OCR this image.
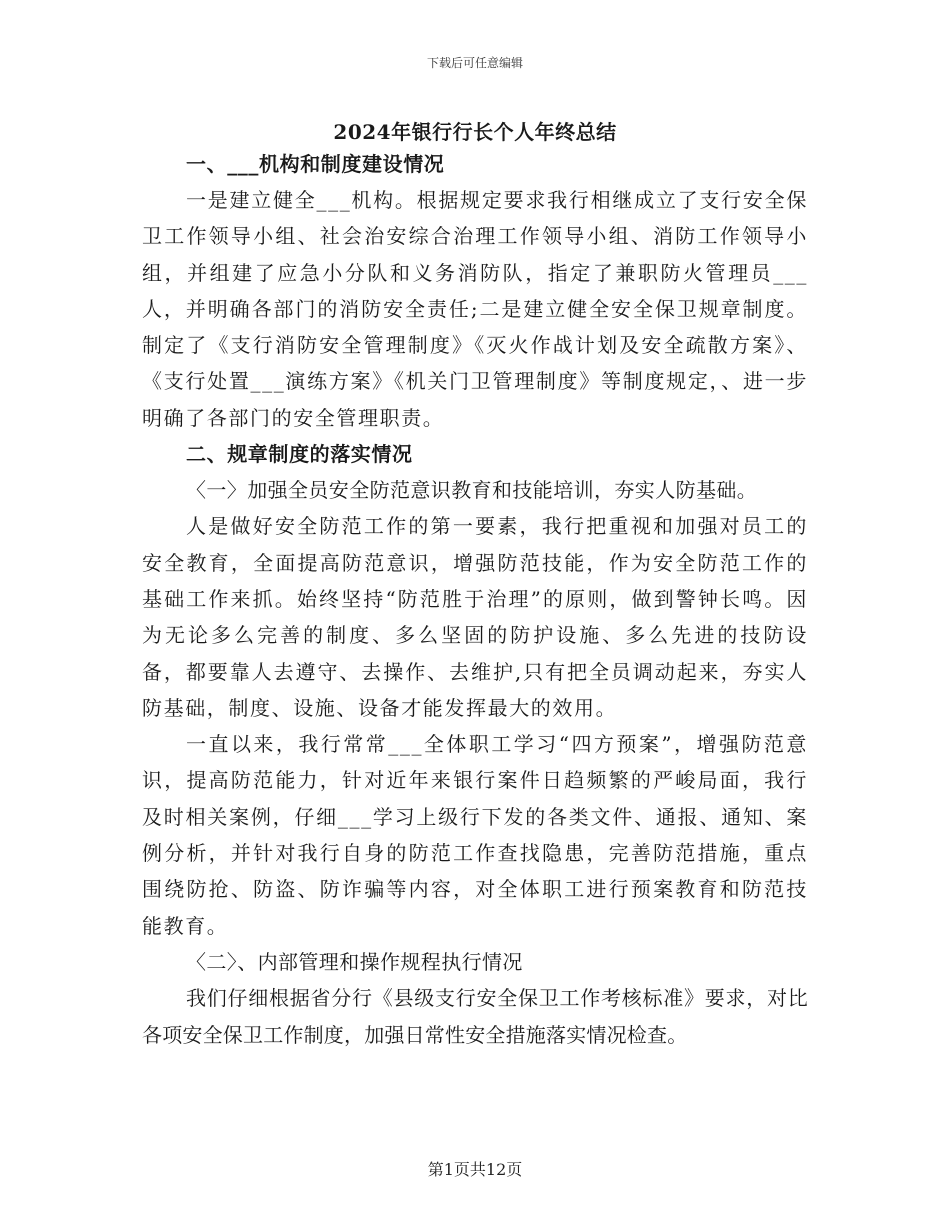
下载后可任意编辑
2024年银行行长个人年终总结
一、___机构和制度建设情况

一是建立健全___机构。根据规定要求我行相继成立了支行安全保卫工作领导小组、社会治安综合治理工作领导小组、消防工作领导小组，并组建了应急小分队和义务消防队，指定了兼职防火管理员___人，并明确各部门的消防安全责任;二是建立健全安全保卫规章制度。制定了《支行消防安全管理制度》《灭火作战计划及安全疏散方案》、《支行处置___演练方案》《机关门卫管理制度》等制度规定，、进一步明确了各部门的安全管理职责。

二、规章制度的落实情况

〈一〉加强全员安全防范意识教育和技能培训，夯实人防基础。

人是做好安全防范工作的第一要素，我行把重视和加强对员工的安全教育，全面提高防范意识，增强防范技能，作为安全防范工作的基础工作来抓。始终坚持“防范胜于治理”的原则，做到警钟长鸣。因为无论多么完善的制度、多么坚固的防护设施、多么先进的技防设备，都要靠人去遵守、去操作、去维护,只有把全员调动起来，夯实人防基础，制度、设施、设备才能发挥最大的效用。

一直以来，我行常常___全体职工学习“四方预案”，增强防范意识，提高防范能力，针对近年来银行案件日趋频繁的严峻局面，我行及时相关案例，仔细___学习上级行下发的各类文件、通报、通知、案例分析，并针对我行自身的防范工作查找隐患，完善防范措施，重点围绕防抢、防盗、防诈骗等内容，对全体职工进行预案教育和防范技能教育。

〈二〉、内部管理和操作规程执行情况

我们仔细根据省分行《县级支行安全保卫工作考核标准》要求，对比各项安全保卫工作制度，加强日常性安全措施落实情况检查。

第1页共12页
